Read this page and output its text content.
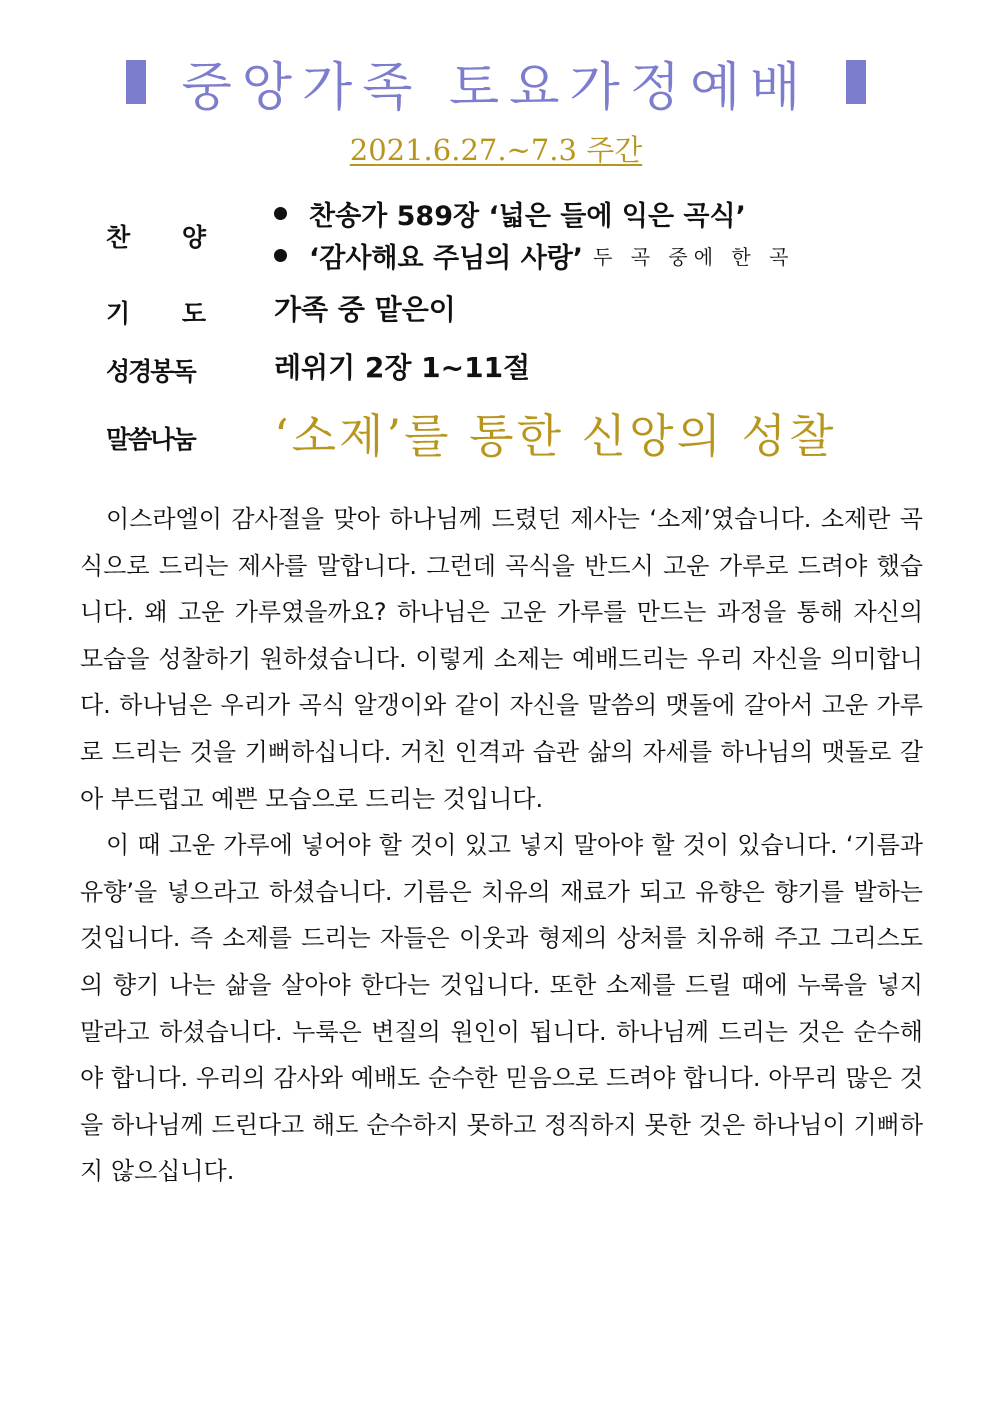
중앙가족 토요가정예배
2021.6.27.~7.3 주간
찬 양
찬송가 589장 ‘넓은 들에 익은 곡식’
‘감사해요 주님의 사랑’ 두 곡 중에 한 곡
기 도 가족 중 맡은이
성경봉독	레위기 2장 1~11절
말씀나눔 ‘소제’를 통한 신앙의 성찰

이스라엘이 감사절을 맞아 하나님께 드렸던 제사는 ‘소제’였습니다. 소제란 곡식으로 드리는 제사를 말합니다. 그런데 곡식을 반드시 고운 가루로 드려야 했습니다. 왜 고운 가루였을까요? 하나님은 고운 가루를 만드는 과정을 통해 자신의 모습을 성찰하기 원하셨습니다. 이렇게 소제는 예배드리는 우리 자신을 의미합니다. 하나님은 우리가 곡식 알갱이와 같이 자신을 말씀의 맷돌에 갈아서 고운 가루로 드리는 것을 기뻐하십니다. 거친 인격과 습관 삶의 자세를 하나님의 맷돌로 갈아 부드럽고 예쁜 모습으로 드리는 것입니다.

이 때 고운 가루에 넣어야 할 것이 있고 넣지 말아야 할 것이 있습니다. ‘기름과 유향’을 넣으라고 하셨습니다. 기름은 치유의 재료가 되고 유향은 향기를 발하는 것입니다. 즉 소제를 드리는 자들은 이웃과 형제의 상처를 치유해 주고 그리스도의 향기 나는 삶을 살아야 한다는 것입니다. 또한 소제를 드릴 때에 누룩을 넣지 말라고 하셨습니다. 누룩은 변질의 원인이 됩니다. 하나님께 드리는 것은 순수해야 합니다. 우리의 감사와 예배도 순수한 믿음으로 드려야 합니다. 아무리 많은 것을 하나님께 드린다고 해도 순수하지 못하고 정직하지 못한 것은 하나님이 기뻐하지 않으십니다.
